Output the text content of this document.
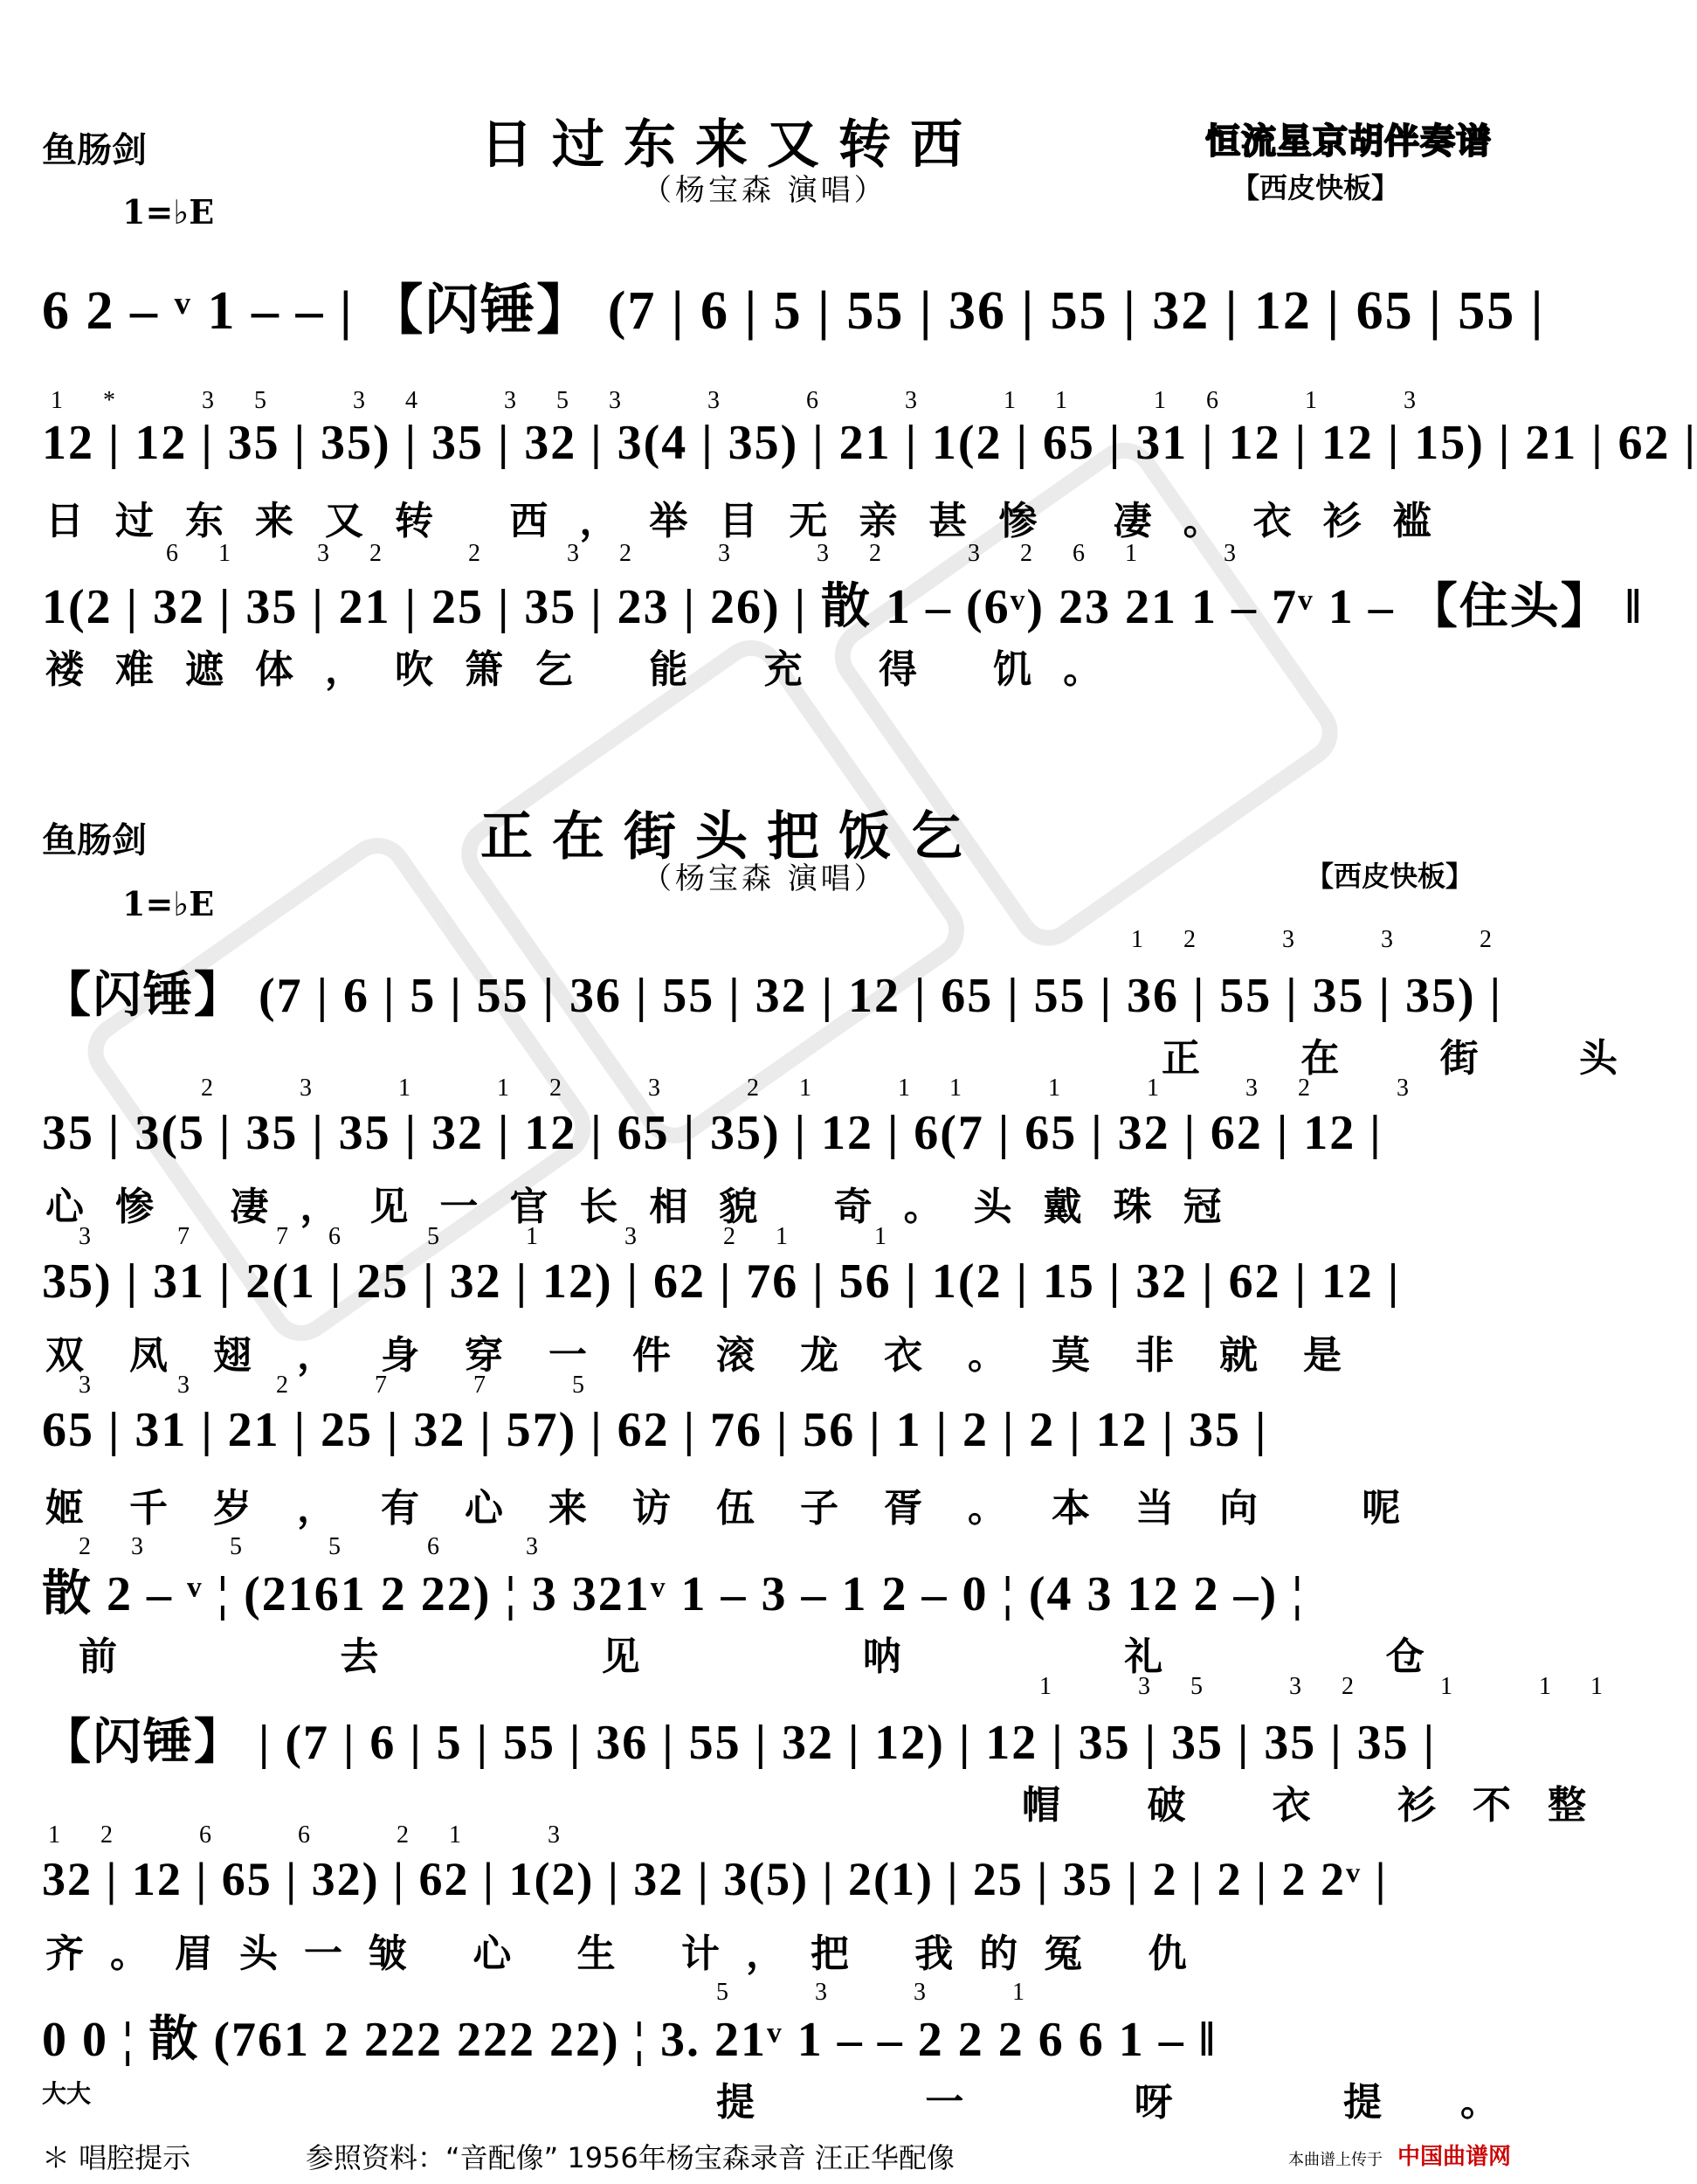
恒流星京胡伴奏谱
鱼肠剑	日过东来又转西
（杨宝森 演唱）
1=♭E
【西皮快板】
6 2 – ᵛ 1 – – | 【闪锤】 (7 | 6 | 5 | 55 | 36 | 55 | 32 | 12 | 65 | 55 |
1* 35 34 353 3 6 3 11 16 1 3
12 | 12 | 35 | 35) | 35 | 32 | 3(4 | 35) | 21 | 1(2 | 65 | 31 | 12 | 12 | 15) | 21 | 62 |
日过东来又转 西，举目无亲甚惨 凄。衣衫褴
61 32 2 32 3 32 3261 3
1(2 | 32 | 35 | 21 | 25 | 35 | 23 | 26) | 散 1 – (6ᵛ) 23 21 1 – 7ᵛ 1 – 【住头】 ‖
褛难遮体，吹箫乞 能 充 得 饥。
鱼肠剑	正在街头把饭乞
（杨宝森 演唱）
1=♭E
【西皮快板】
12 3 3 2
【闪锤】 (7 | 6 | 5 | 55 | 36 | 55 | 32 | 12 | 65 | 55 | 36 | 55 | 35 | 35) |
正 在 街 头
2 3 1 12 3 21 11 1 1 32 3
35 | 3(5 | 35 | 35 | 32 | 12 | 65 | 35) | 12 | 6(7 | 65 | 32 | 62 | 12 |
心惨 凄，见一官长相貌 奇。头戴珠冠
3 7 76 5 1 3 21 1
35) | 31 | 2(1 | 25 | 32 | 12) | 62 | 76 | 56 | 1(2 | 15 | 32 | 62 | 12 |
双凤翅，身穿一件滚龙衣。莫非就是
3 3 2 7 7 5
65 | 31 | 21 | 25 | 32 | 57) | 62 | 76 | 56 | 1 | 2 | 2 | 12 | 35 |
姬千岁，有心来访伍子胥。本当向 呢
23 5 5 6 3
散 2 – ᵛ ¦ (2161 2 22) ¦ 3 321ᵛ 1 – 3 – 1 2 – 0 ¦ (4 3 12 2 –) ¦
前 去 见 呐 礼 仓
1 35 32 1 11
【闪锤】 | (7 | 6 | 5 | 55 | 36 | 55 | 32 | 12) | 12 | 35 | 35 | 35 | 35 |
帽 破 衣 衫不整
12 6 6 21 3
32 | 12 | 65 | 32) | 62 | 1(2) | 32 | 3(5) | 2(1) | 25 | 35 | 2 | 2 | 2 2ᵛ |
齐。眉头一皱 心 生 计，把 我的冤 仇
5 3 3 1
0 0 ¦ 散 (761 2 222 222 22) ¦ 3. 21ᵛ 1 – – 2 2 2 6 6 1 – ‖
大大	提 一 呀 提。
＊ 唱腔提示	参照资料：“音配像” 1956年杨宝森录音 汪正华配像	本曲谱上传于 中国曲谱网
